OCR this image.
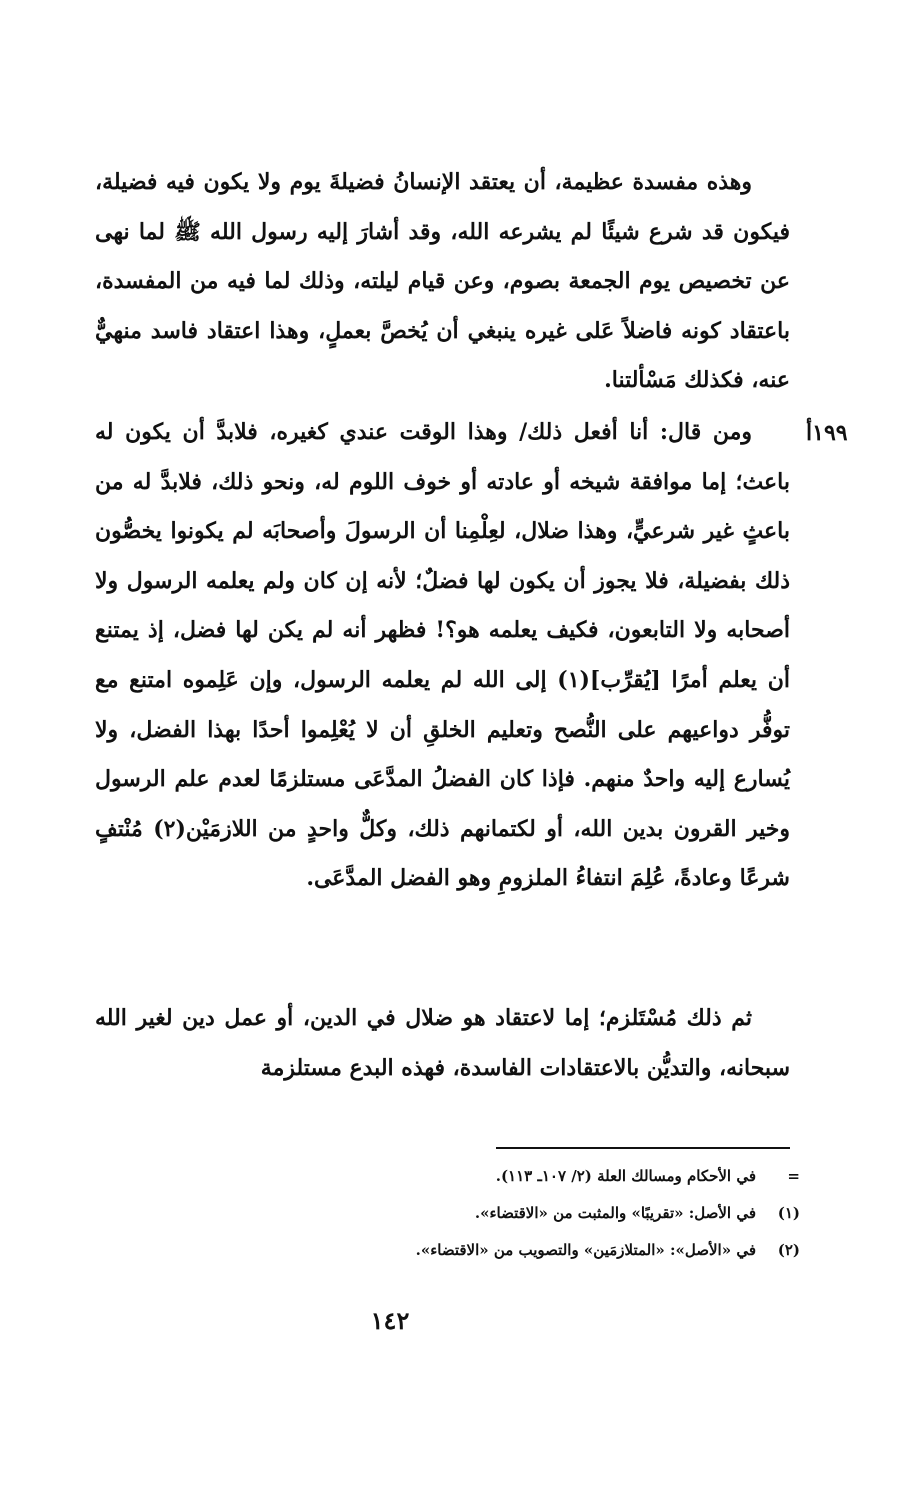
وهذه مفسدة عظيمة، أن يعتقد الإنسانُ فضيلةَ يوم ولا يكون فيه فضيلة، فيكون قد شرع شيئًا لم يشرعه الله، وقد أشارَ إليه رسول الله ﷺ لما نهى عن تخصيص يوم الجمعة بصوم، وعن قيام ليلته، وذلك لما فيه من المفسدة، باعتقاد كونه فاضلاً عَلى غيره ينبغي أن يُخصَّ بعملٍ، وهذا اعتقاد فاسد منهيٌّ عنه، فكذلك مَسْألتنا.

١٩٩أ

ومن قال: أنا أفعل ذلك/ وهذا الوقت عندي كغيره، فلابدَّ أن يكون له باعث؛ إما موافقة شيخه أو عادته أو خوف اللوم له، ونحو ذلك، فلابدَّ له من باعثٍ غير شرعيٍّ، وهذا ضلال، لعِلْمِنا أن الرسولَ وأصحابَه لم يكونوا يخصُّون ذلك بفضيلة، فلا يجوز أن يكون لها فضلٌ؛ لأنه إن كان ولم يعلمه الرسول ولا أصحابه ولا التابعون، فكيف يعلمه هو؟! فظهر أنه لم يكن لها فضل، إذ يمتنع أن يعلم أمرًا [يُقرِّب](١) إلى الله لم يعلمه الرسول، وإن عَلِموه امتنع مع توفُّر دواعيهم على النُّصح وتعليم الخلقِ أن لا يُعْلِموا أحدًا بهذا الفضل، ولا يُسارع إليه واحدٌ منهم. فإذا كان الفضلُ المدَّعَى مستلزمًا لعدم علم الرسول وخير القرون بدين الله، أو لكتمانهم ذلك، وكلٌّ واحدٍ من اللازمَيْن(٢) مُنْتفٍ شرعًا وعادةً، عُلِمَ انتفاءُ الملزومِ وهو الفضل المدَّعَى.

ثم ذلك مُسْتَلزم؛ إما لاعتقاد هو ضلال في الدين، أو عمل دين لغير الله سبحانه، والتديُّن بالاعتقادات الفاسدة، فهذه البدع مستلزمة

=
في الأحكام ومسالك العلة (٢/ ١٠٧ـ ١١٣).
(١)
في الأصل: «تقريبًا» والمثبت من «الاقتضاء».
(٢)
في «الأصل»: «المتلازمَين» والتصويب من «الاقتضاء».
١٤٢
